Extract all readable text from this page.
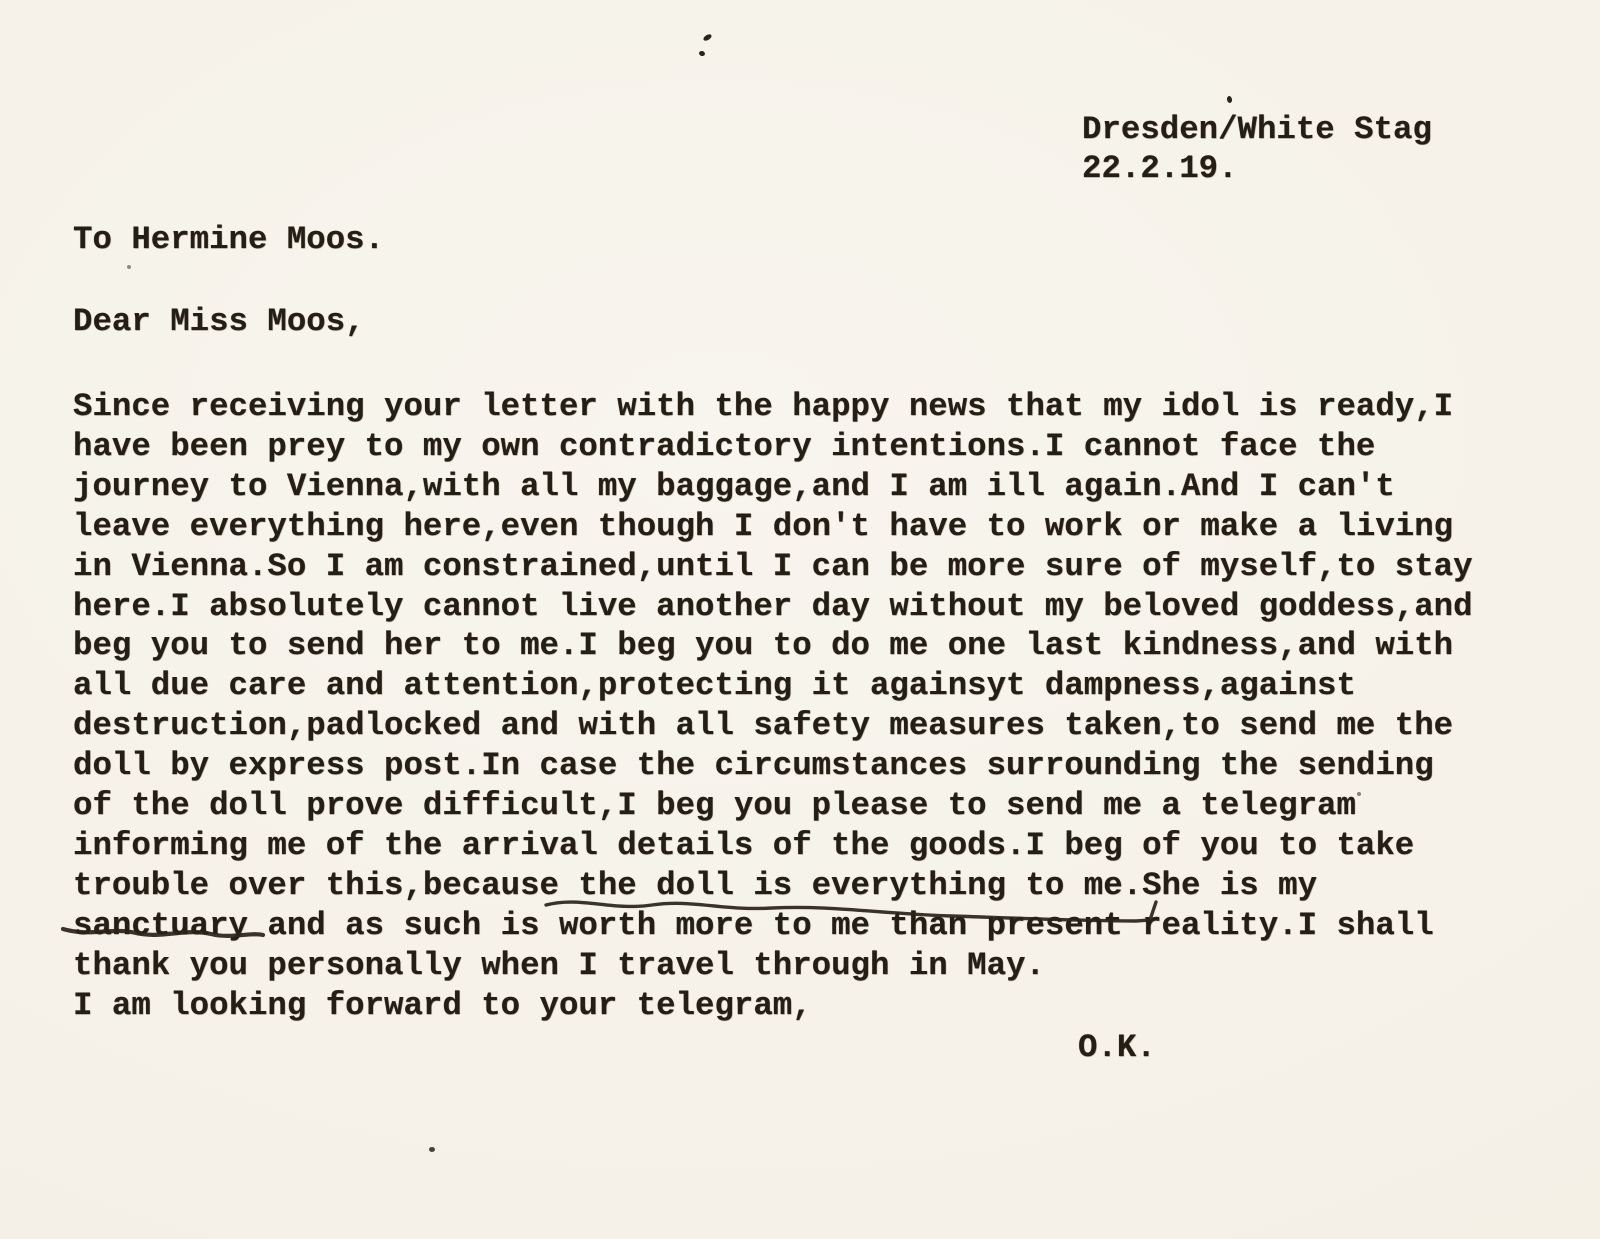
Dresden/White Stag
22.2.19.
To Hermine Moos.
Dear Miss Moos,
Since receiving your letter with the happy news that my idol is ready,I
have been prey to my own contradictory intentions.I cannot face the
journey to Vienna,with all my baggage,and I am ill again.And I can't
leave everything here,even though I don't have to work or make a living
in Vienna.So I am constrained,until I can be more sure of myself,to stay
here.I absolutely cannot live another day without my beloved goddess,and
beg you to send her to me.I beg you to do me one last kindness,and with
all due care and attention,protecting it againsyt dampness,against
destruction,padlocked and with all safety measures taken,to send me the
doll by express post.In case the circumstances surrounding the sending
of the doll prove difficult,I beg you please to send me a telegram
informing me of the arrival details of the goods.I beg of you to take
trouble over this,because the doll is everything to me.She is my
sanctuary and as such is worth more to me than present reality.I shall
thank you personally when I travel through in May.
I am looking forward to your telegram,
O.K.
